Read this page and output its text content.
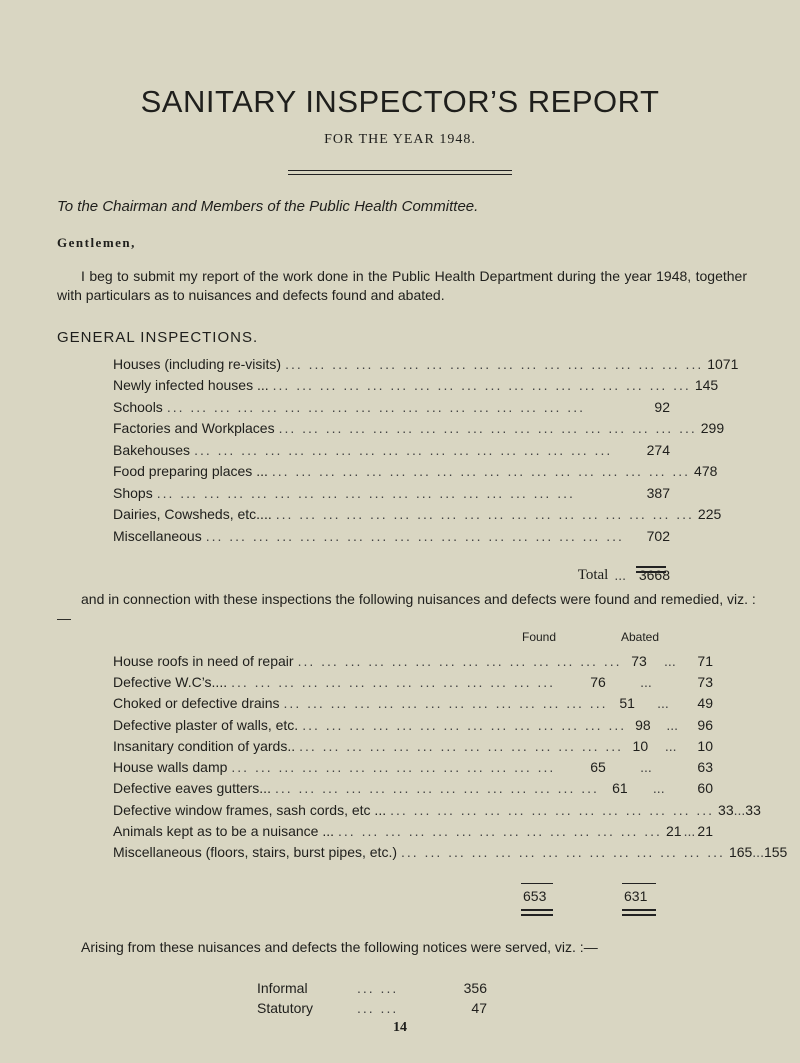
SANITARY INSPECTOR’S REPORT
FOR THE YEAR 1948.
To the Chairman and Members of the Public Health Committee.
Gentlemen,
I beg to submit my report of the work done in the Public Health Department during the year 1948, together with particulars as to nuisances and defects found and abated.
GENERAL INSPECTIONS.
Houses (including re-visits) ... ... ... ... ... ... ... ... ... ... ... ... ... ... ... ... ... ... 1071
Newly infected houses ... ... ... ... ... ... ... ... ... ... ... ... ... ... ... ... ... ... ... 145
Schools ... ... ... ... ... ... ... ... ... ... ... ... ... ... ... ... ... ...	92
Factories and Workplaces ... ... ... ... ... ... ... ... ... ... ... ... ... ... ... ... ... ... 299
Bakehouses ... ... ... ... ... ... ... ... ... ... ... ... ... ... ... ... ... ...	274
Food preparing places ... ... ... ... ... ... ... ... ... ... ... ... ... ... ... ... ... ... ... 478
Shops ... ... ... ... ... ... ... ... ... ... ... ... ... ... ... ... ... ...	387
Dairies, Cowsheds, etc.... ... ... ... ... ... ... ... ... ... ... ... ... ... ... ... ... ... ... 225
Miscellaneous ... ... ... ... ... ... ... ... ... ... ... ... ... ... ... ... ... ...	702
Total ... 3668
and in connection with these inspections the following nuisances and defects were found and remedied, viz. :—
Found	Abated
House roofs in need of repair ... ... ... ... ... ... ... ... ... ... ... ... ... ... 73	...	71
Defective W.C’s.... ... ... ... ... ... ... ... ... ... ... ... ... ... ...	76	...	73
Choked or defective drains ... ... ... ... ... ... ... ... ... ... ... ... ... ... 51	...	49
Defective plaster of walls, etc. ... ... ... ... ... ... ... ... ... ... ... ... ... ... 98	...	96
Insanitary condition of yards.. ... ... ... ... ... ... ... ... ... ... ... ... ... ... 10	...	10
House walls damp ... ... ... ... ... ... ... ... ... ... ... ... ... ...	65	...	63
Defective eaves gutters... ... ... ... ... ... ... ... ... ... ... ... ... ... ... 61	...	60
Defective window frames, sash cords, etc ... ... ... ... ... ... ... ... ... ... ... ... ... ... ... 33 ... 33
Animals kept as to be a nuisance ... ... ... ... ... ... ... ... ... ... ... ... ... ... ... 21 ... 21
Miscellaneous (floors, stairs, burst pipes, etc.) ... ... ... ... ... ... ... ... ... ... ... ... ... ... 165 ... 155
653	631
Arising from these nuisances and defects the following notices were served, viz. :—
Informal	... ...	356
Statutory	... ...	47
14
